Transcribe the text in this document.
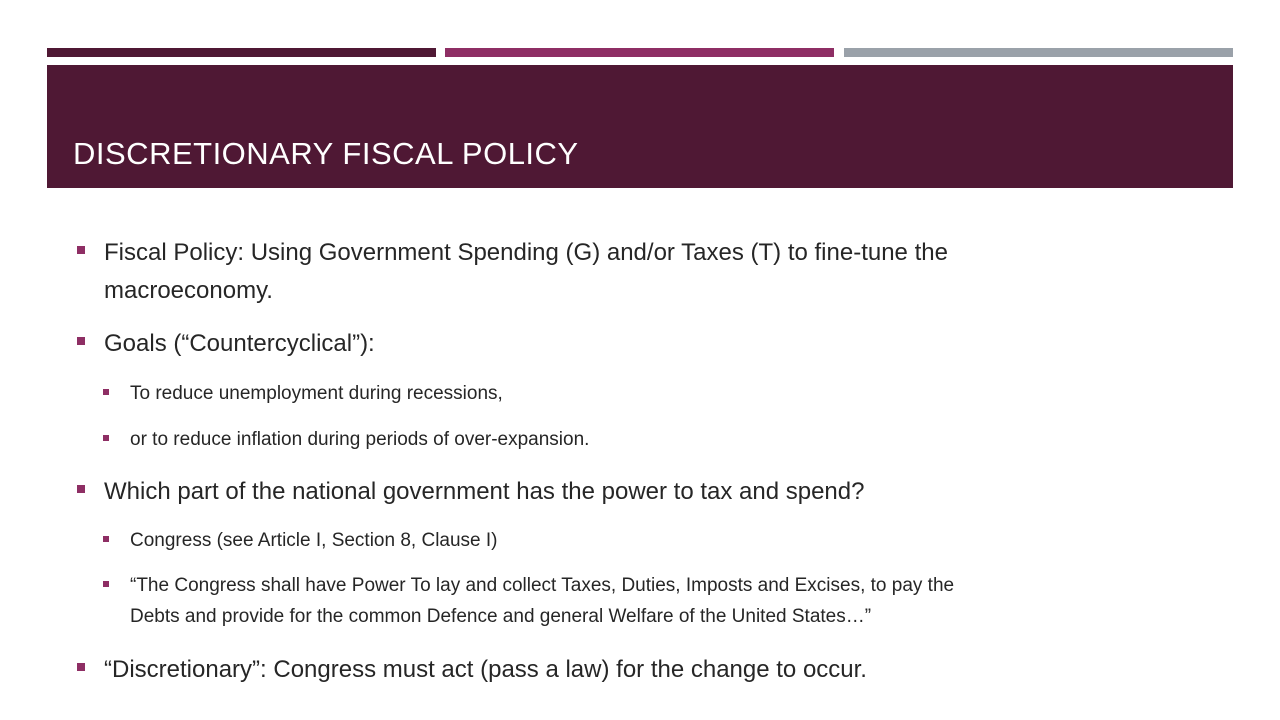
DISCRETIONARY FISCAL POLICY
Fiscal Policy: Using Government Spending (G) and/or Taxes (T) to fine-tune the
macroeconomy.
Goals (“Countercyclical”):
To reduce unemployment during recessions,
or to reduce inflation during periods of over-expansion.
Which part of the national government has the power to tax and spend?
Congress (see Article I, Section 8, Clause I)
“The Congress shall have Power To lay and collect Taxes, Duties, Imposts and Excises, to pay the
Debts and provide for the common Defence and general Welfare of the United States…”
“Discretionary”: Congress must act (pass a law) for the change to occur.
